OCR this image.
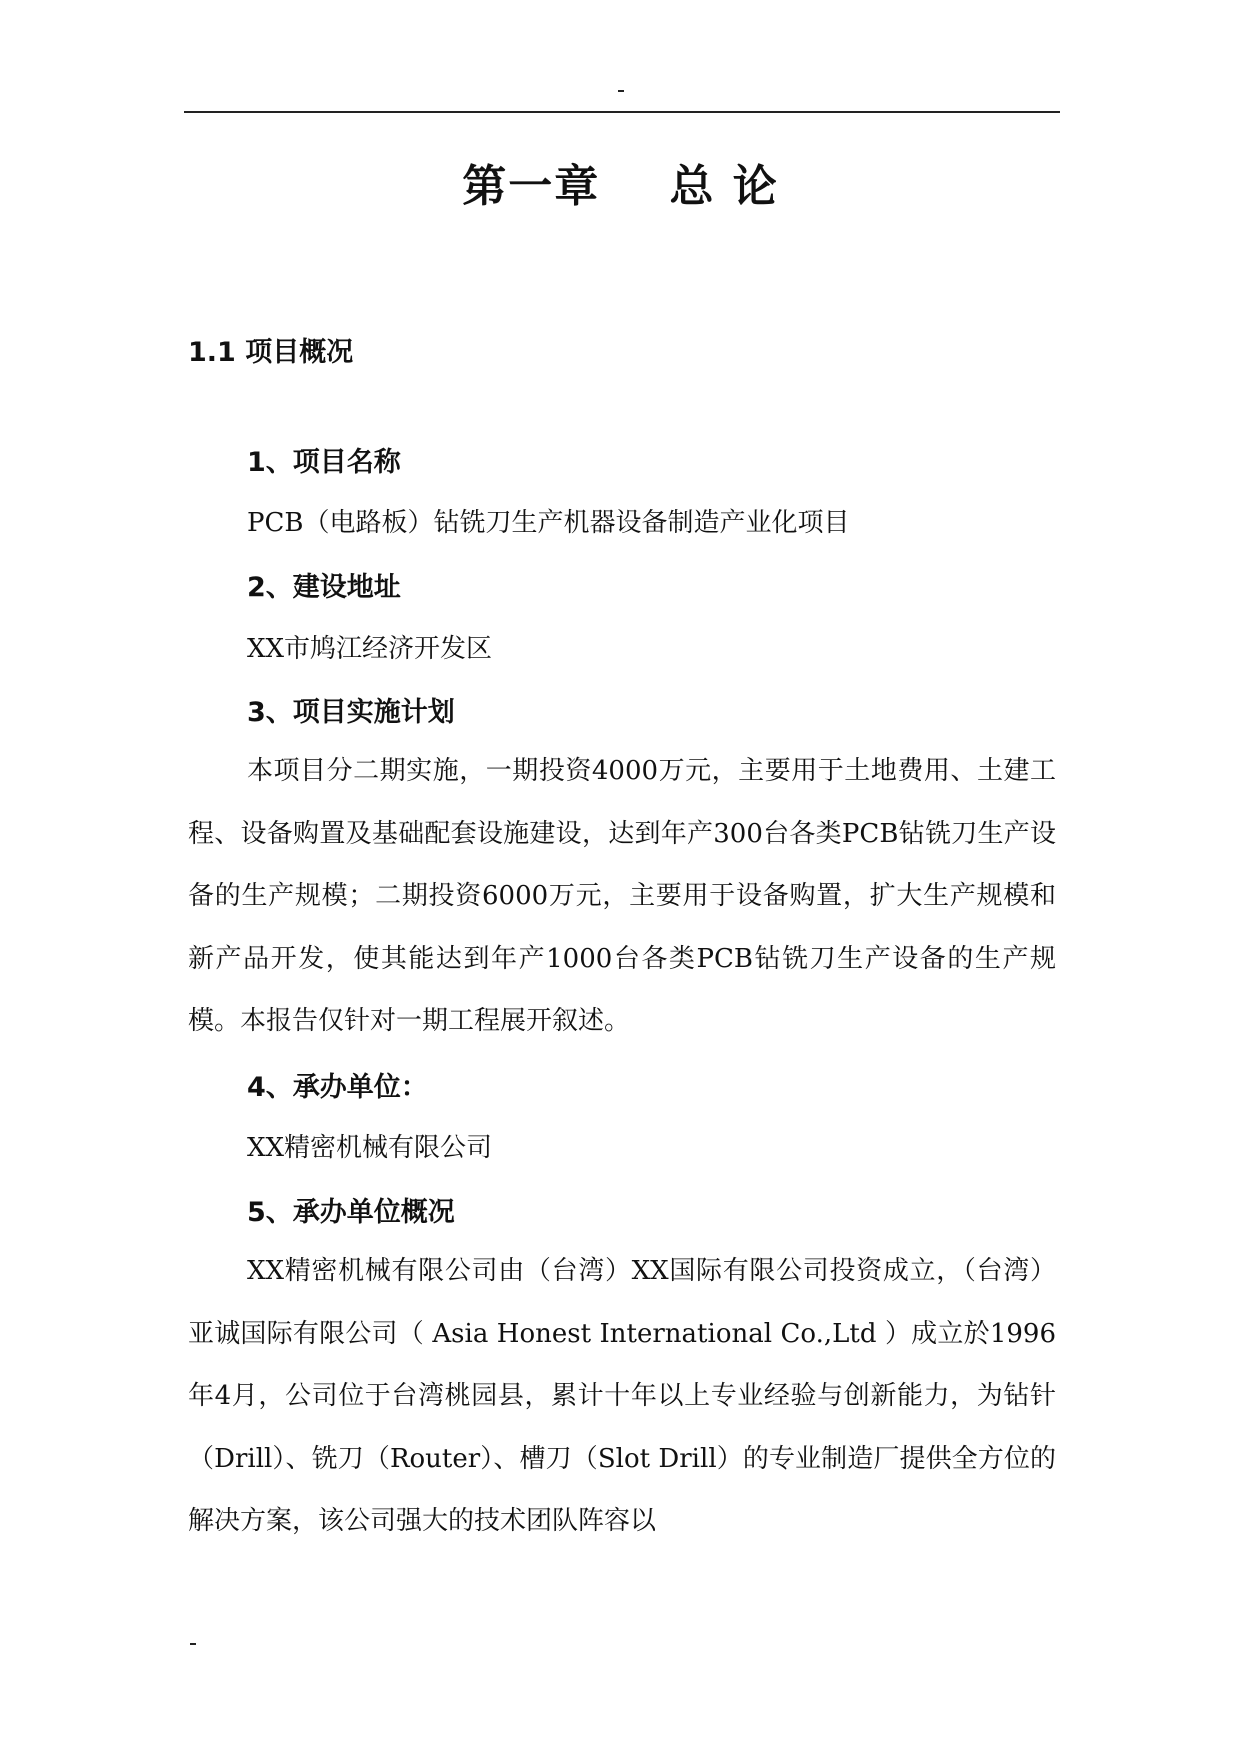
第一章    总 论
1.1 项目概况
1、项目名称
PCB（电路板）钻铣刀生产机器设备制造产业化项目
2、建设地址
XX市鸠江经济开发区
3、项目实施计划
本项目分二期实施，一期投资4000万元，主要用于土地费用、土建工程、设备购置及基础配套设施建设，达到年产300台各类PCB钻铣刀生产设备的生产规模；二期投资6000万元，主要用于设备购置，扩大生产规模和新产品开发，使其能达到年产1000台各类PCB钻铣刀生产设备的生产规模。本报告仅针对一期工程展开叙述。
4、承办单位：
XX精密机械有限公司
5、承办单位概况
XX精密机械有限公司由（台湾）XX国际有限公司投资成立，（台湾）亚诚国际有限公司（ Asia Honest International Co.,Ltd ）成立於1996年4月，公司位于台湾桃园县，累计十年以上专业经验与创新能力，为钻针（Drill）、铣刀（Router）、槽刀（Slot Drill）的专业制造厂提供全方位的解决方案，该公司强大的技术团队阵容以
